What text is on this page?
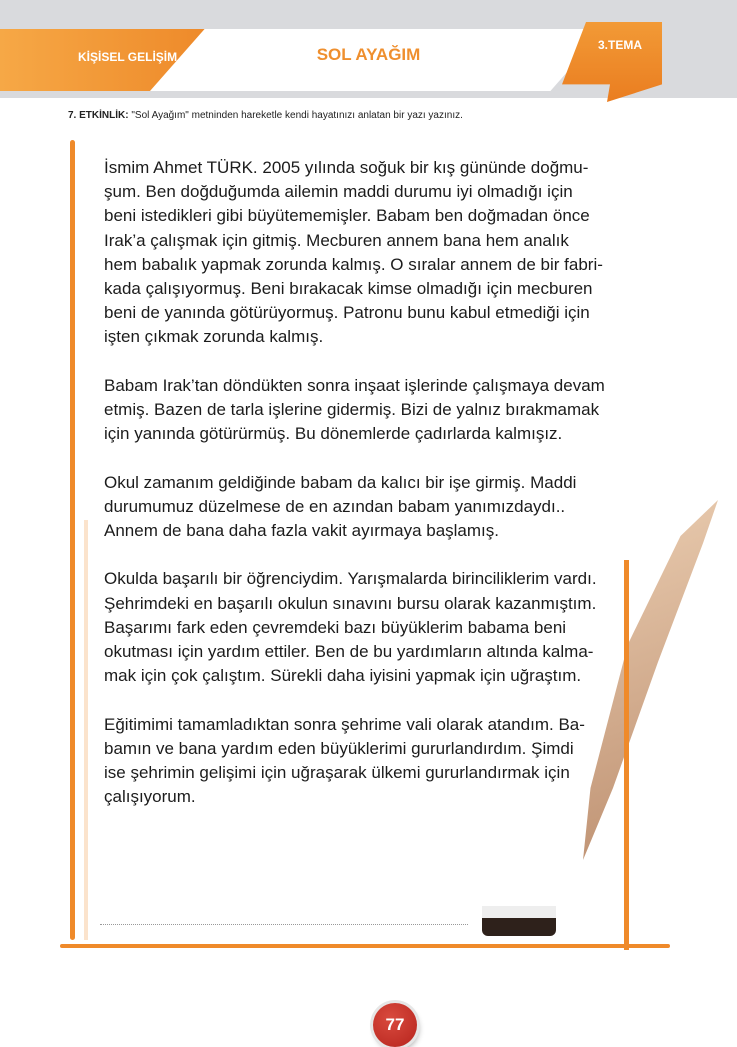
KİŞİSEL GELİŞİM	SOL AYAĞIM	3.TEMA
7. ETKİNLİK: "Sol Ayağım" metninden hareketle kendi hayatınızı anlatan bir yazı yazınız.

İsmim Ahmet TÜRK. 2005 yılında soğuk bir kış gününde doğmu-
şum. Ben doğduğumda ailemin maddi durumu iyi olmadığı için
beni istedikleri gibi büyütememişler. Babam ben doğmadan önce
Irak’a çalışmak için gitmiş. Mecburen annem bana hem analık
hem babalık yapmak zorunda kalmış. O sıralar annem de bir fabri-
kada çalışıyormuş. Beni bırakacak kimse olmadığı için mecburen
beni de yanında götürüyormuş. Patronu bunu kabul etmediği için
işten çıkmak zorunda kalmış.

Babam Irak’tan döndükten sonra inşaat işlerinde çalışmaya devam
etmiş. Bazen de tarla işlerine gidermiş. Bizi de yalnız bırakmamak
için yanında götürürmüş. Bu dönemlerde çadırlarda kalmışız.

Okul zamanım geldiğinde babam da kalıcı bir işe girmiş. Maddi
durumumuz düzelmese de en azından babam yanımızdaydı..
Annem de bana daha fazla vakit ayırmaya başlamış.

Okulda başarılı bir öğrenciydim. Yarışmalarda birinciliklerim vardı.
Şehrimdeki en başarılı okulun sınavını bursu olarak kazanmıştım.
Başarımı fark eden çevremdeki bazı büyüklerim babama beni
okutması için yardım ettiler. Ben de bu yardımların altında kalma-
mak için çok çalıştım. Sürekli daha iyisini yapmak için uğraştım.

Eğitimimi tamamladıktan sonra şehrime vali olarak atandım. Ba-
bamın ve bana yardım eden büyüklerimi gururlandırdım. Şimdi
ise şehrimin gelişimi için uğraşarak ülkemi gururlandırmak için
çalışıyorum.

77
